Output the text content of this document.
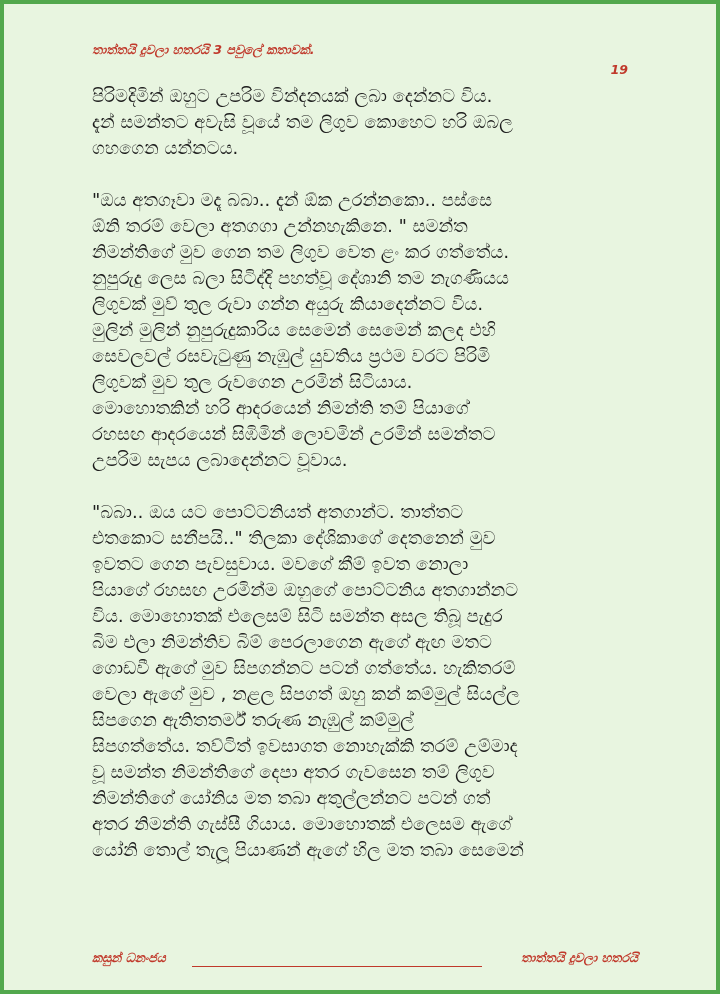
තාත්තයි දුවලා හතරයි 3 පවුලේ කතාවක්.
19

පිරිමදිමින් ඔහුට උපරිම වින්දනයක් ලබා දෙන්නට විය.
දැන් සමන්තට අවැසි වූයේ තම ලිගුව කොහෙට හරි ඔබල
ගහගෙන යන්නටය.

"ඔය අතගෑවා මදෑ බබා.. දැන් ඕක උරන්නකො.. පස්සෙ
ඕනි තරම් වෙලා අතගගා උන්නහැකිනෙ. " සමන්ත
නිමන්තිගේ මුව ගෙන තම ලිගුව වෙත ළං කර ගත්තේය.
නුපුරුදු ලෙස බලා සිටිද්දි පහත්වූ දේශානි තම නැගණියය
ලිගුවක් මුව් තුල රුවා ගන්න අයුරු කියාදෙන්නට විය.
මුලින් මුලින් නුපුරුදුකාරිය සෙමෙන් සෙමෙන් කලද එහි
සෙවලවල් රසවැටුණු නැඹුල් යුවතිය ප්‍රථම වරට පිරිමි
ලිගුවක් මුව තුල රුවගෙන උරමින් සිටියාය.
මොහොතකින් හරි ආදරයෙන් නිමන්ති තම් පියාගේ
රහසඟ ආදරයෙන් සිඹිමින් ලොවමින් උරමින් සමන්තට
උපරිම සැපය ලබාදෙන්නට වූවාය.

"බබා.. ඔය යට පොට්ටනියත් අතගාන්ට. තාත්තට
එතකොට සනීපයි.." තිලකා දේශිකාගේ දෙතනෙන් මුව
ඉවතට ගෙන පැවසුවාය. මවගේ කීම් ඉවත නොලා
පියාගේ රහසඟ උරමින්ම ඔහුගේ පොට්ටනිය අතගාන්නට
විය. මොහොතක් එලෙසම් සිටි සමන්ත අසල තිබූ පැදුර
බිම එලා නිමන්තිව බිම් පෙරලාගෙන ඇගේ ඇඟ මතට
ගොඩවී ඇගේ මුව සිපගන්නට පටන් ගත්තේය. හැකිතරම්
වෙලා ඇගේ මුව , නළල සිපගත් ඔහු කන් කම්මුල් සියල්ල
සිපගෙන ඇතිතතර්ම් තරුණ නැඹුල් කම්මුල්
සිපගත්තේය. තව්ටිත් ඉවසාගත නොහැක්කි තරම් උම්මාද
වූ සමන්ත නිමන්තිගේ දෙපා අතර ගැවසෙන තම් ලිගුව
නිමන්තිගේ යෝනිය මත තබා අතුල්ලන්නට පටන් ගත්
අතර නිමන්ති ගැස්සී ගියාය. මොහොතක් එලෙසම ඇගේ
යෝනි තොල් තැලූ පියාණන් ඇගේ හිල මත තබා සෙමෙන්

කසුන් ධනංජය	තාත්තයි දුවලා හතරයි
